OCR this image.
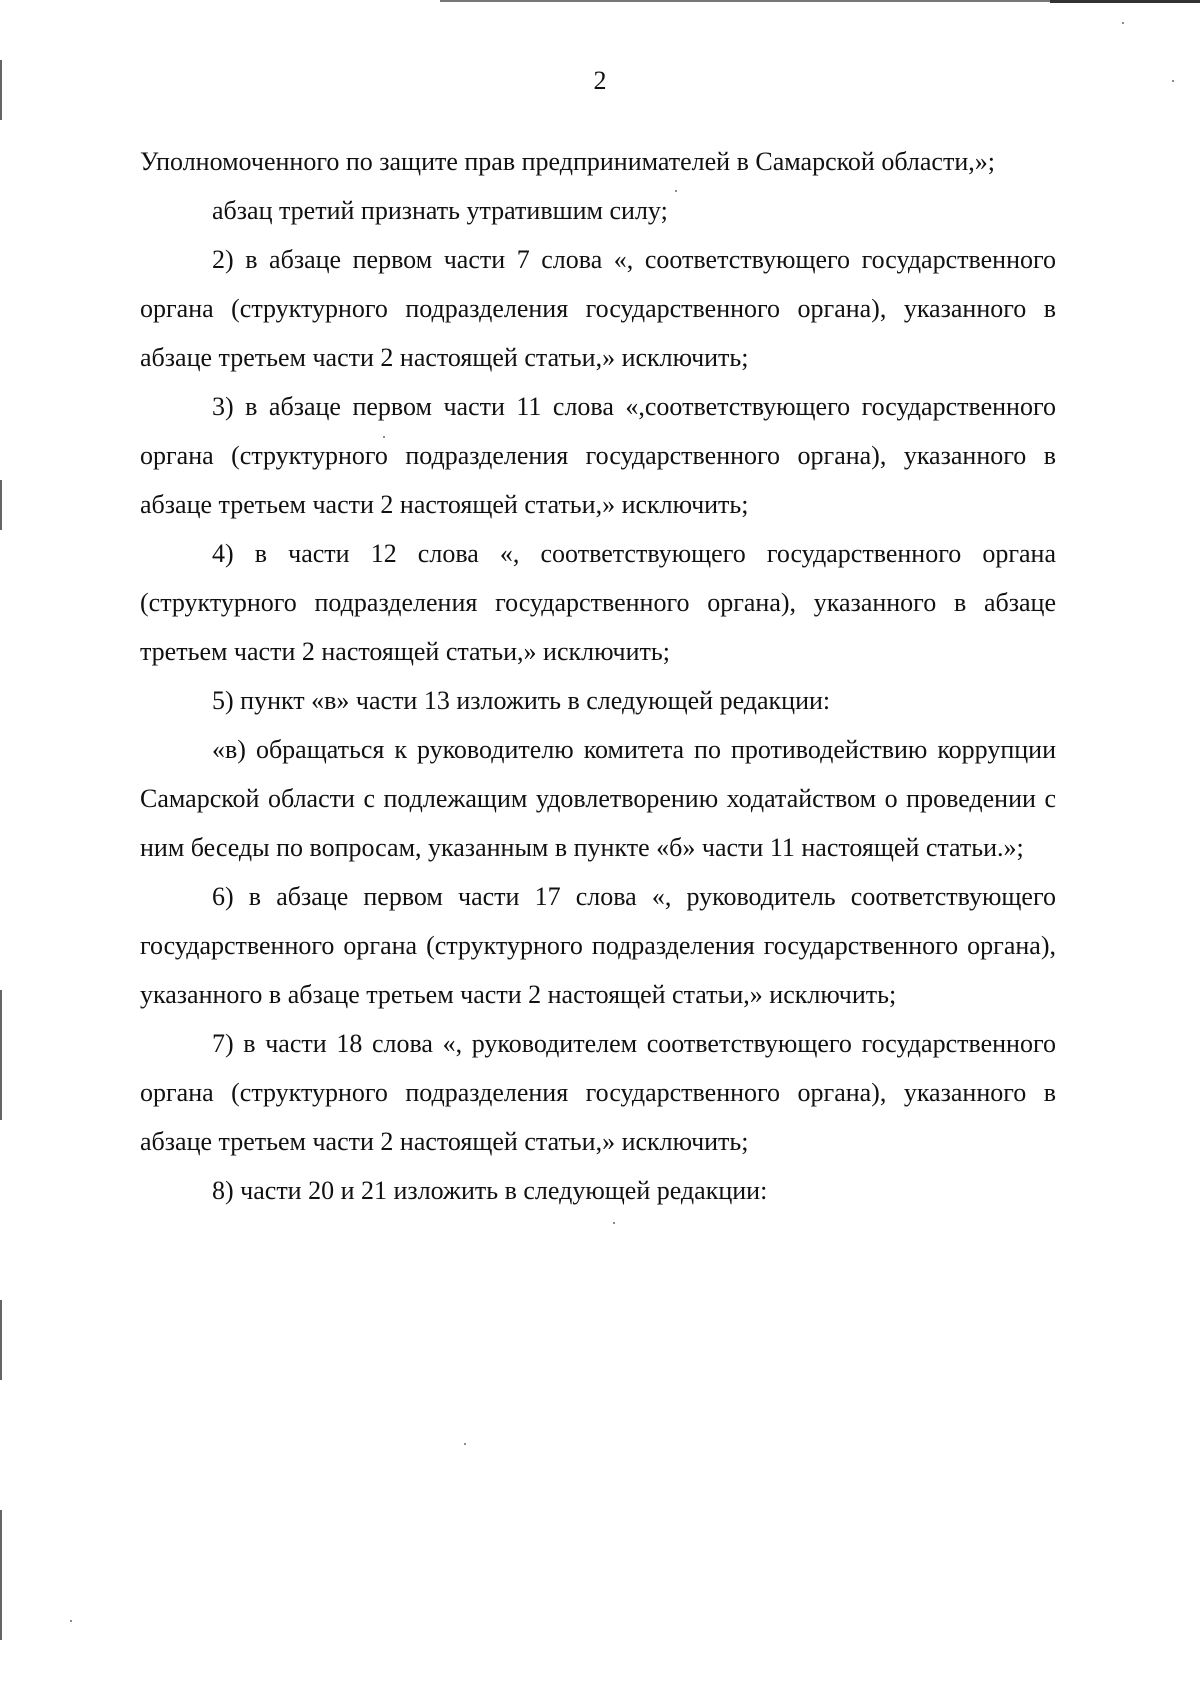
2

Уполномоченного по защите прав предпринимателей в Самарской области,»;

абзац третий признать утратившим силу;

2) в абзаце первом части 7 слова «, соответствующего государственного органа (структурного подразделения государственного органа), указанного в абзаце третьем части 2 настоящей статьи,» исключить;

3) в абзаце первом части 11 слова «,соответствующего государственного органа (структурного подразделения государственного органа), указанного в абзаце третьем части 2 настоящей статьи,» исключить;

4) в части 12 слова «, соответствующего государственного органа (структурного подразделения государственного органа), указанного в абзаце третьем части 2 настоящей статьи,» исключить;

5) пункт «в» части 13 изложить в следующей редакции:

«в) обращаться к руководителю комитета по противодействию коррупции Самарской области с подлежащим удовлетворению ходатайством о проведении с ним беседы по вопросам, указанным в пункте «б» части 11 настоящей статьи.»;

6) в абзаце первом части 17 слова «, руководитель соответствующего государственного органа (структурного подразделения государственного органа), указанного в абзаце третьем части 2 настоящей статьи,» исключить;

7) в части 18 слова «, руководителем соответствующего государственного органа (структурного подразделения государственного органа), указанного в абзаце третьем части 2 настоящей статьи,» исключить;

8) части 20 и 21 изложить в следующей редакции:
